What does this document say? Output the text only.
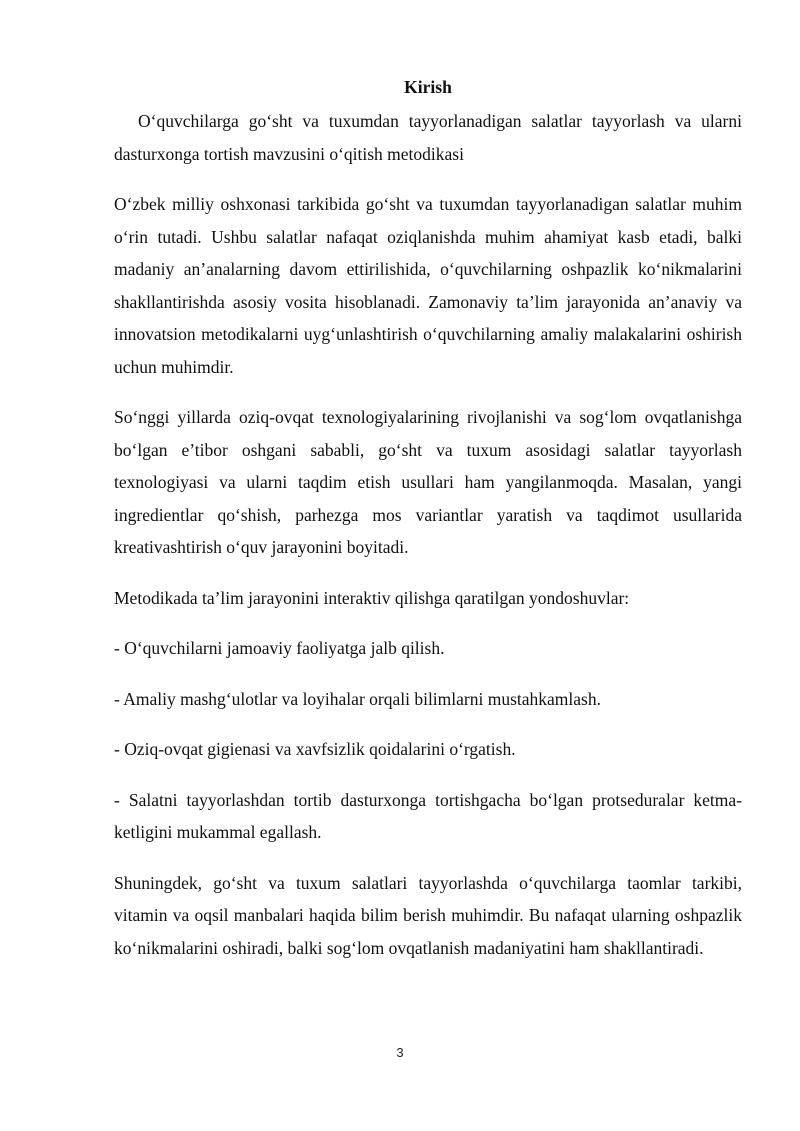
Kirish

O‘quvchilarga go‘sht va tuxumdan tayyorlanadigan salatlar tayyorlash va ularni dasturxonga tortish mavzusini o‘qitish metodikasi

O‘zbek milliy oshxonasi tarkibida go‘sht va tuxumdan tayyorlanadigan salatlar muhim o‘rin tutadi. Ushbu salatlar nafaqat oziqlanishda muhim ahamiyat kasb etadi, balki madaniy an’analarning davom ettirilishida, o‘quvchilarning oshpazlik ko‘nikmalarini shakllantirishda asosiy vosita hisoblanadi. Zamonaviy ta’lim jarayonida an’anaviy va innovatsion metodikalarni uyg‘unlashtirish o‘quvchilarning amaliy malakalarini oshirish uchun muhimdir.

So‘nggi yillarda oziq-ovqat texnologiyalarining rivojlanishi va sog‘lom ovqatlanishga bo‘lgan e’tibor oshgani sababli, go‘sht va tuxum asosidagi salatlar tayyorlash texnologiyasi va ularni taqdim etish usullari ham yangilanmoqda. Masalan, yangi ingredientlar qo‘shish, parhezga mos variantlar yaratish va taqdimot usullarida kreativashtirish o‘quv jarayonini boyitadi.

Metodikada ta’lim jarayonini interaktiv qilishga qaratilgan yondoshuvlar:

- O‘quvchilarni jamoaviy faoliyatga jalb qilish.

- Amaliy mashg‘ulotlar va loyihalar orqali bilimlarni mustahkamlash.

- Oziq-ovqat gigienasi va xavfsizlik qoidalarini o‘rgatish.

- Salatni tayyorlashdan tortib dasturxonga tortishgacha bo‘lgan protseduralar ketma-ketligini mukammal egallash.

Shuningdek, go‘sht va tuxum salatlari tayyorlashda o‘quvchilarga taomlar tarkibi, vitamin va oqsil manbalari haqida bilim berish muhimdir. Bu nafaqat ularning oshpazlik ko‘nikmalarini oshiradi, balki sog‘lom ovqatlanish madaniyatini ham shakllantiradi.

3
